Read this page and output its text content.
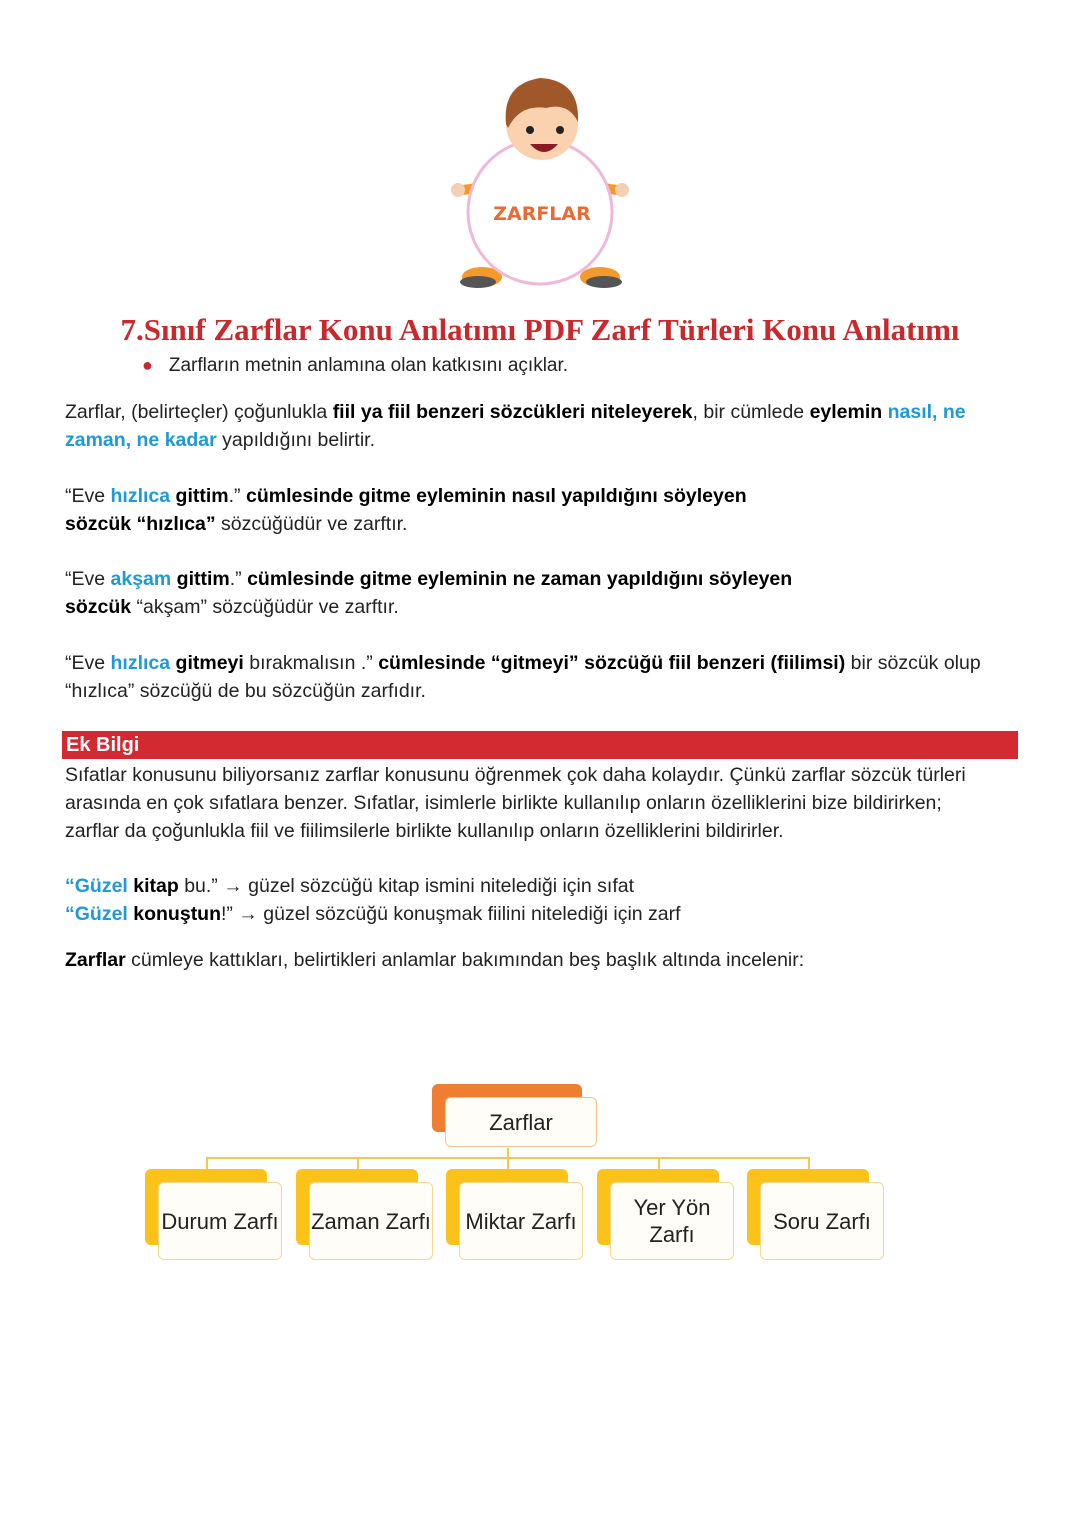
ZARFLAR
7.Sınıf Zarflar Konu Anlatımı PDF Zarf Türleri Konu Anlatımı
● Zarfların metnin anlamına olan katkısını açıklar.
Zarflar, (belirteçler) çoğunlukla fiil ya fiil benzeri sözcükleri niteleyerek, bir cümlede eylemin nasıl, ne zaman, ne kadar yapıldığını belirtir.
“Eve hızlıca gittim.” cümlesinde gitme eyleminin nasıl yapıldığını söyleyen sözcük “hızlıca” sözcüğüdür ve zarftır.
“Eve akşam gittim.” cümlesinde gitme eyleminin ne zaman yapıldığını söyleyen sözcük “akşam” sözcüğüdür ve zarftır.
“Eve hızlıca gitmeyi bırakmalısın .” cümlesinde “gitmeyi” sözcüğü fiil benzeri (fiilimsi) bir sözcük olup “hızlıca” sözcüğü de bu sözcüğün zarfıdır.
Ek Bilgi
Sıfatlar konusunu biliyorsanız zarflar konusunu öğrenmek çok daha kolaydır. Çünkü zarflar sözcük türleri arasında en çok sıfatlara benzer. Sıfatlar, isimlerle birlikte kullanılıp onların özelliklerini bize bildirirken; zarflar da çoğunlukla fiil ve fiilimsilerle birlikte kullanılıp onların özelliklerini bildirirler.
“Güzel kitap bu.” → güzel sözcüğü kitap ismini nitelediği için sıfat
“Güzel konuştun!” → güzel sözcüğü konuşmak fiilini nitelediği için zarf
Zarflar cümleye kattıkları, belirtikleri anlamlar bakımından beş başlık altında incelenir:
Zarflar
Durum Zarfı Zaman Zarfı Miktar Zarfı
Yer Yön Zarfı
Soru Zarfı
